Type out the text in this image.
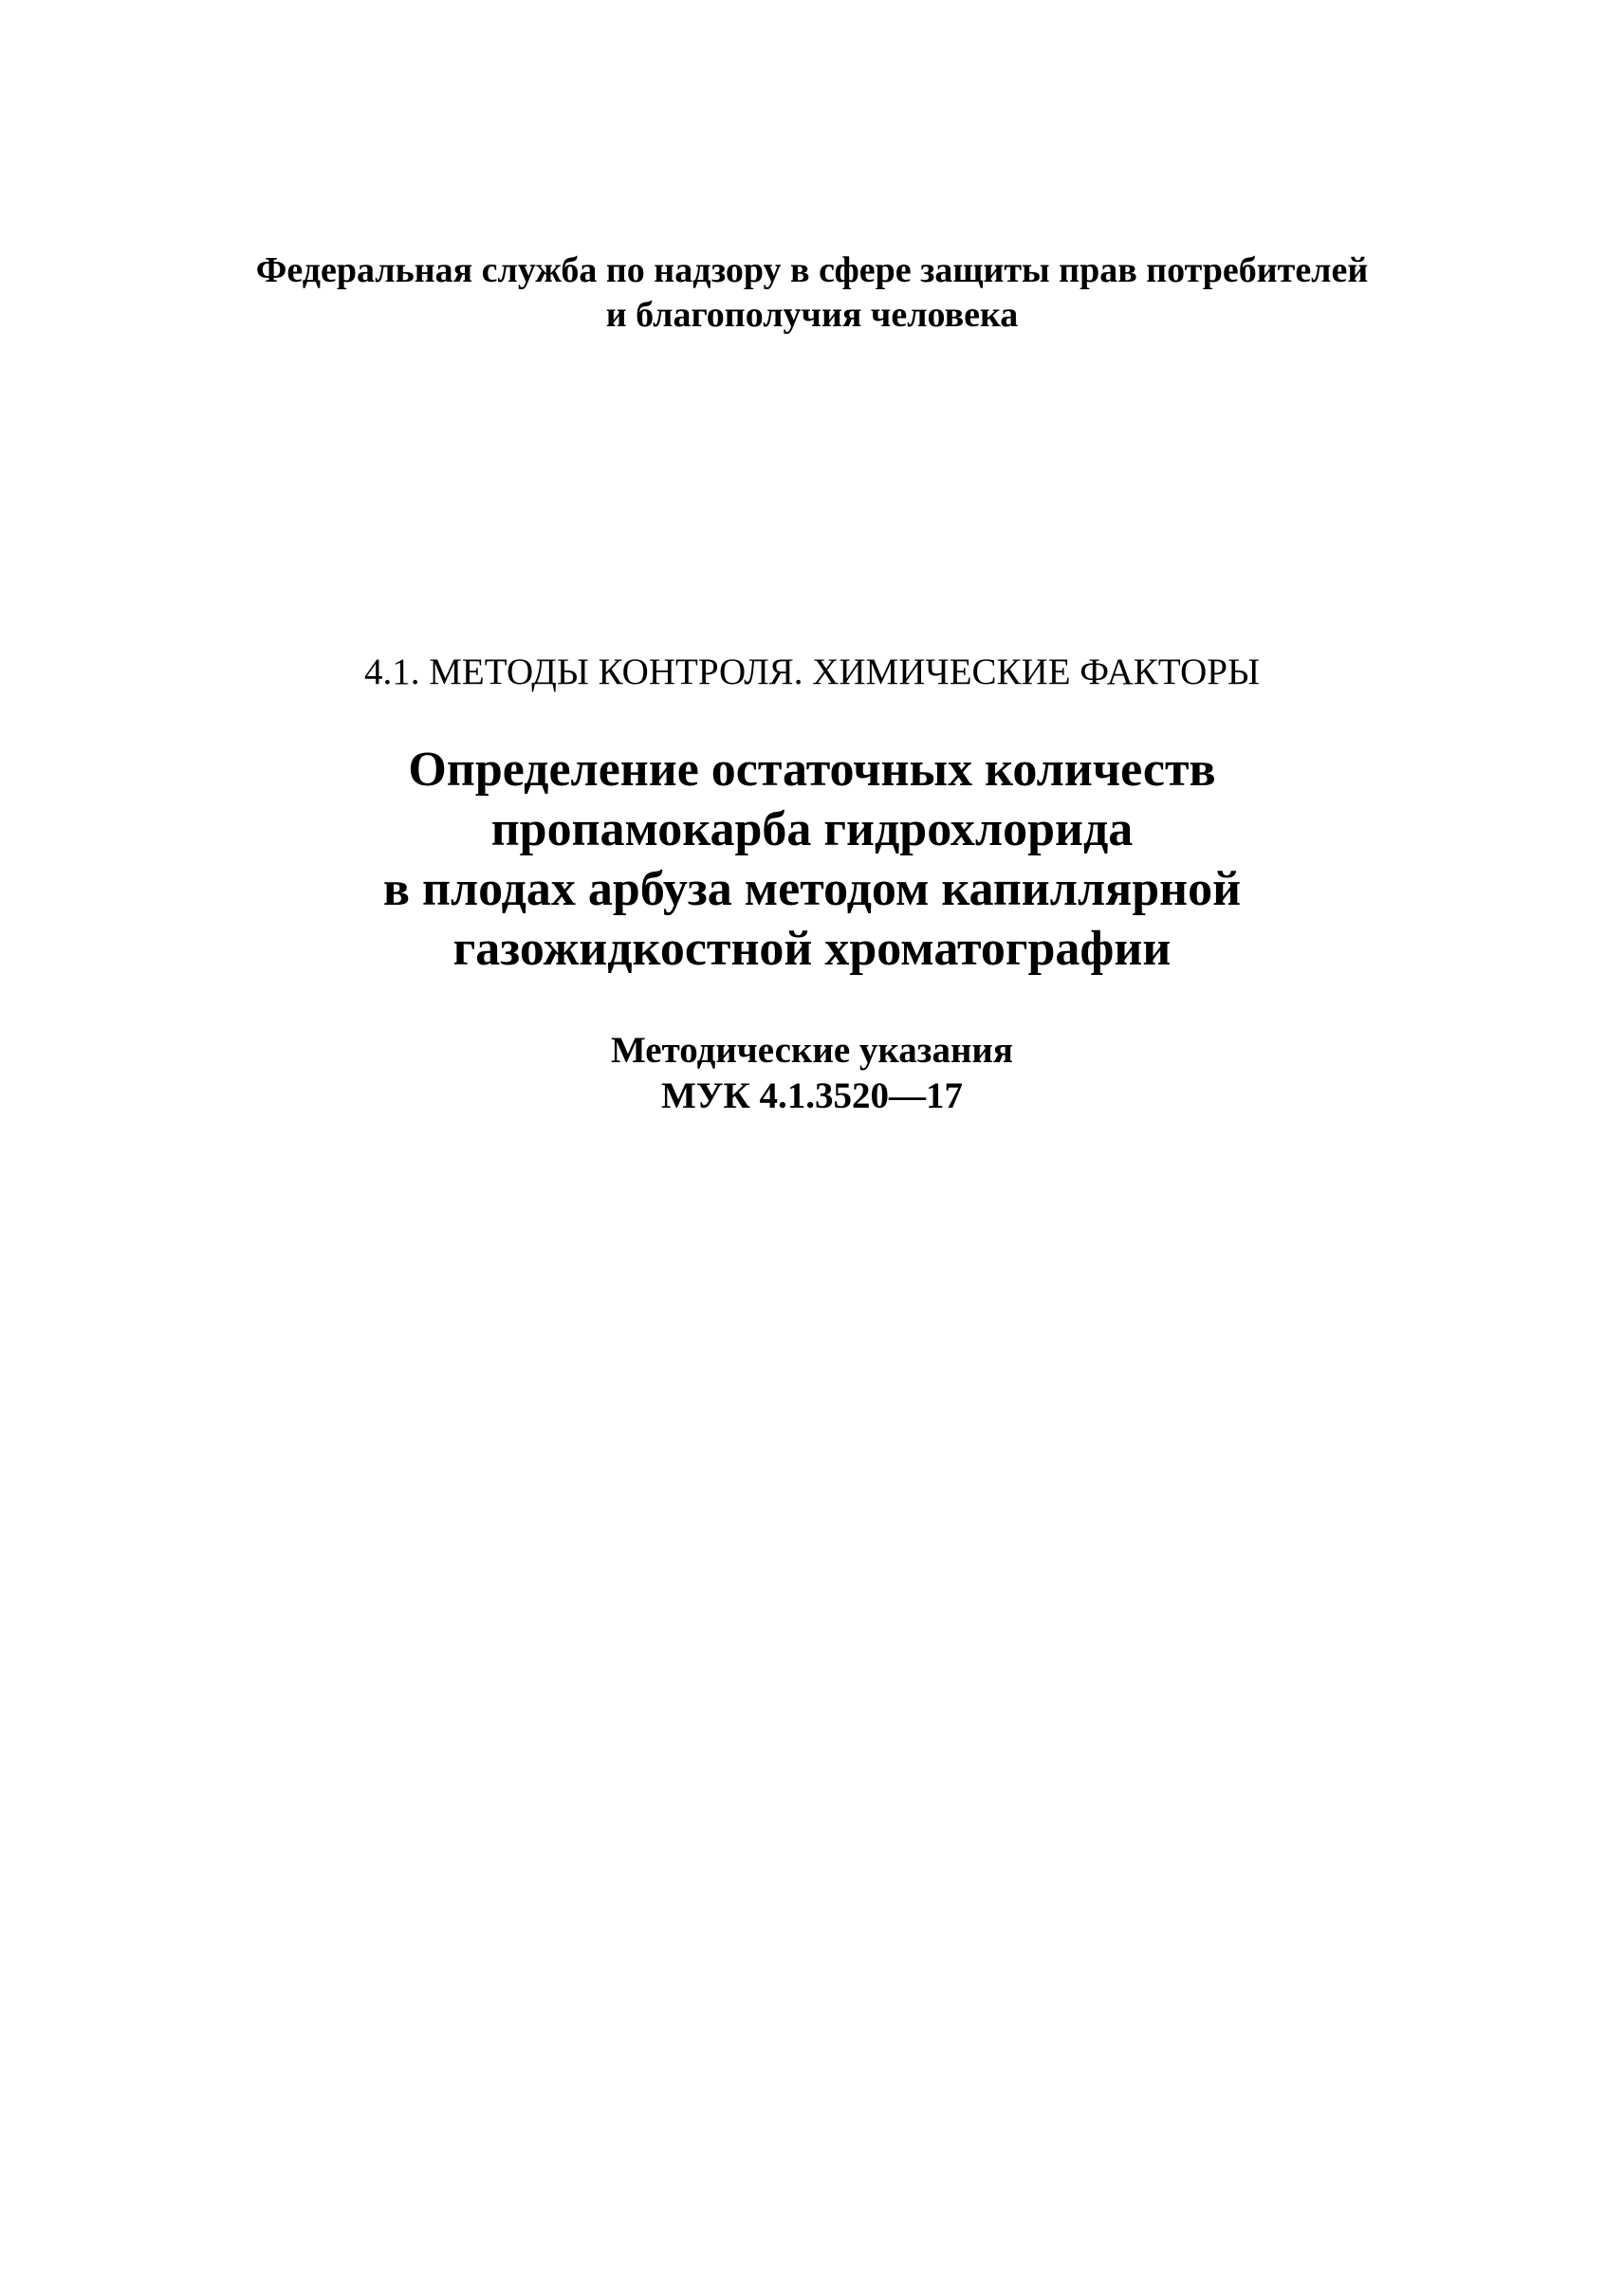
Федеральная служба по надзору в сфере защиты прав потребителей
и благополучия человека
4.1. МЕТОДЫ КОНТРОЛЯ. ХИМИЧЕСКИЕ ФАКТОРЫ
Определение остаточных количеств
пропамокарба гидрохлорида
в плодах арбуза методом капиллярной
газожидкостной хроматографии
Методические указания
МУК 4.1.3520—17
